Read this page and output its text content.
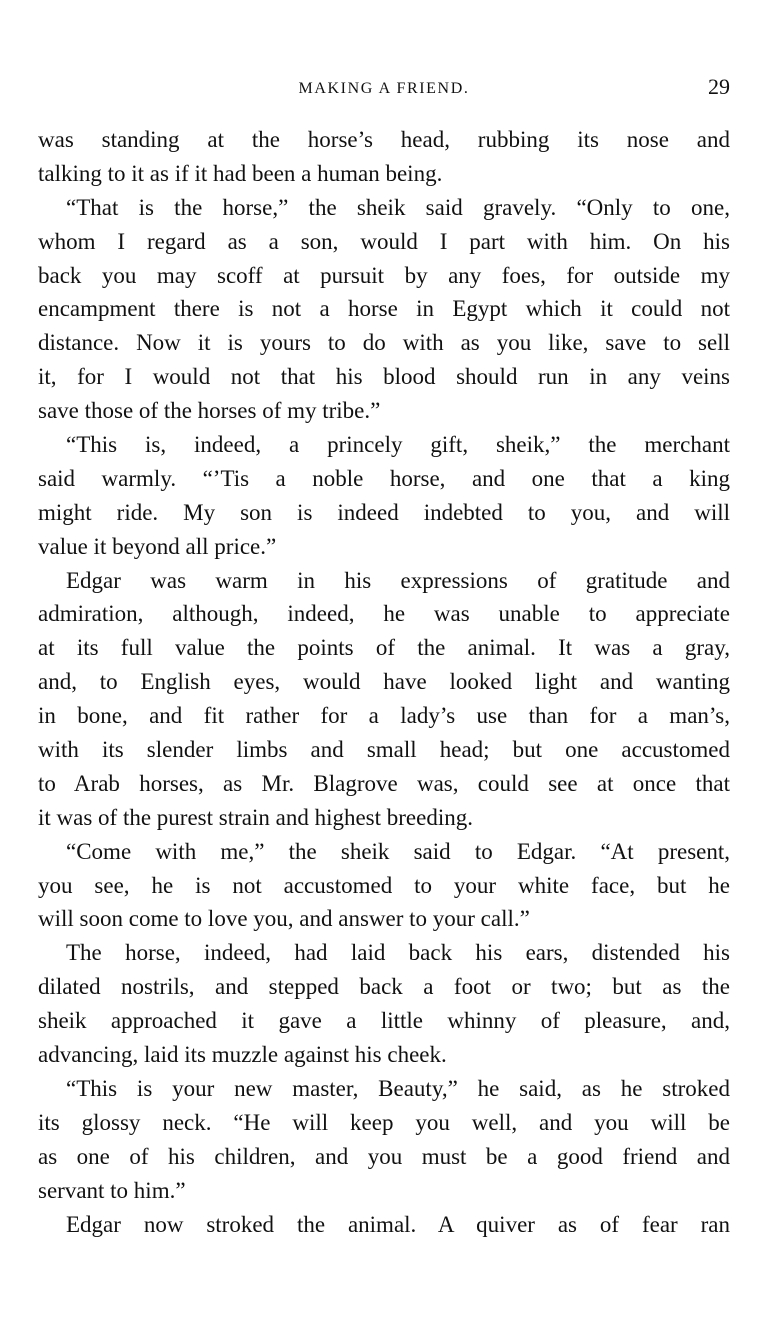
MAKING A FRIEND.	29

was standing at the horse’s head, rubbing its nose and
talking to it as if it had been a human being.

“That is the horse,” the sheik said gravely. “Only to one,
whom I regard as a son, would I part with him. On his
back you may scoff at pursuit by any foes, for outside my
encampment there is not a horse in Egypt which it could not
distance. Now it is yours to do with as you like, save to sell
it, for I would not that his blood should run in any veins
save those of the horses of my tribe.”

“This is, indeed, a princely gift, sheik,” the merchant
said warmly. “’Tis a noble horse, and one that a king
might ride. My son is indeed indebted to you, and will
value it beyond all price.”

Edgar was warm in his expressions of gratitude and
admiration, although, indeed, he was unable to appreciate
at its full value the points of the animal. It was a gray,
and, to English eyes, would have looked light and wanting
in bone, and fit rather for a lady’s use than for a man’s,
with its slender limbs and small head; but one accustomed
to Arab horses, as Mr. Blagrove was, could see at once that
it was of the purest strain and highest breeding.

“Come with me,” the sheik said to Edgar. “At present,
you see, he is not accustomed to your white face, but he
will soon come to love you, and answer to your call.”

The horse, indeed, had laid back his ears, distended his
dilated nostrils, and stepped back a foot or two; but as the
sheik approached it gave a little whinny of pleasure, and,
advancing, laid its muzzle against his cheek.

“This is your new master, Beauty,” he said, as he stroked
its glossy neck. “He will keep you well, and you will be
as one of his children, and you must be a good friend and
servant to him.”

Edgar now stroked the animal. A quiver as of fear ran
